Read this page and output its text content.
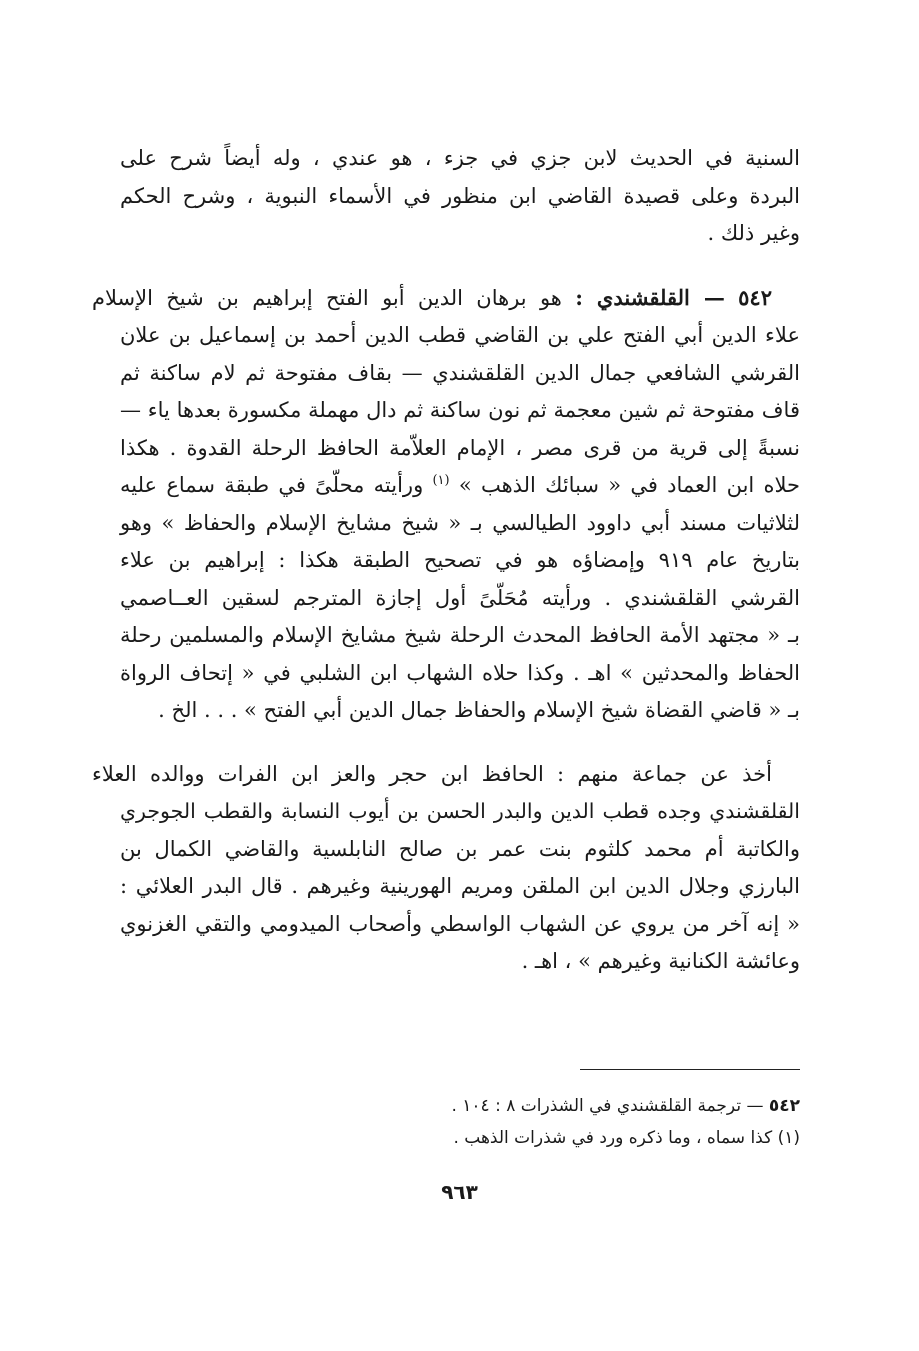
السنية في الحديث لابن جزي في جزء ، هو عندي ، وله أيضاً شرح على
البردة وعلى قصيدة القاضي ابن منظور في الأسماء النبوية ، وشرح الحكم
وغير ذلك .

٥٤٢ — القلقشندي : هو برهان الدين أبو الفتح إبراهيم بن شيخ الإسلام
علاء الدين أبي الفتح علي بن القاضي قطب الدين أحمد بن إسماعيل بن علان
القرشي الشافعي جمال الدين القلقشندي — بقاف مفتوحة ثم لام ساكنة ثم
قاف مفتوحة ثم شين معجمة ثم نون ساكنة ثم دال مهملة مكسورة بعدها ياء —
نسبةً إلى قرية من قرى مصر ، الإمام العلاّمة الحافظ الرحلة القدوة . هكذا
حلاه ابن العماد في « سبائك الذهب » $^{(١)}$ ورأيته محلّىً في طبقة سماع عليه
لثلاثيات مسند أبي داوود الطيالسي بـ « شيخ مشايخ الإسلام والحفاظ » وهو
بتاريخ عام ٩١٩ وإمضاؤه هو في تصحيح الطبقة هكذا : إبراهيم بن علاء
القرشي القلقشندي . ورأيته مُحَلّىً أول إجازة المترجم لسقين العــاصمي
بـ « مجتهد الأمة الحافظ المحدث الرحلة شيخ مشايخ الإسلام والمسلمين رحلة
الحفاظ والمحدثين » اهـ . وكذا حلاه الشهاب ابن الشلبي في « إتحاف الرواة
بـ « قاضي القضاة شيخ الإسلام والحفاظ جمال الدين أبي الفتح » . . . الخ .

أخذ عن جماعة منهم : الحافظ ابن حجر والعز ابن الفرات ووالده العلاء
القلقشندي وجده قطب الدين والبدر الحسن بن أيوب النسابة والقطب الجوجري
والكاتبة أم محمد كلثوم بنت عمر بن صالح النابلسية والقاضي الكمال بن
البارزي وجلال الدين ابن الملقن ومريم الهورينية وغيرهم . قال البدر العلائي :
« إنه آخر من يروي عن الشهاب الواسطي وأصحاب الميدومي والتقي الغزنوي
وعائشة الكنانية وغيرهم » ، اهـ .

٥٤٢ — ترجمة القلقشندي في الشذرات ٨ : ١٠٤ .
(١) كذا سماه ، وما ذكره ورد في شذرات الذهب .
٩٦٣
